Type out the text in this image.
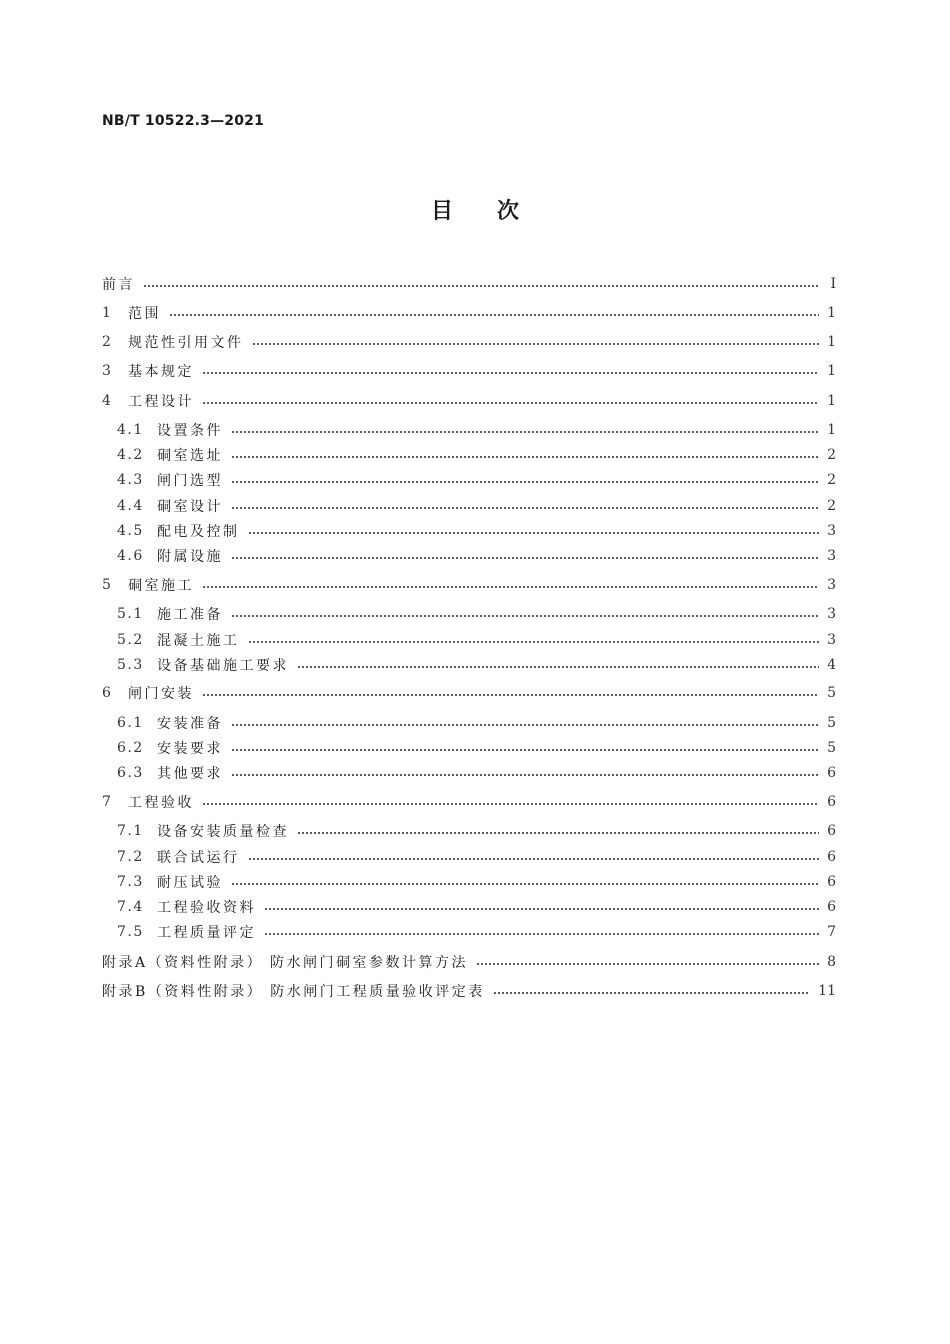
NB/T 10522.3—2021
目次
前言	Ⅰ
1	范围	1
2	规范性引用文件	1
3	基本规定	1
4	工程设计	1
4.1 设置条件	1
4.2 硐室选址	2
4.3 闸门选型	2
4.4 硐室设计	2
4.5 配电及控制	3
4.6 附属设施	3
5	硐室施工	3
5.1 施工准备	3
5.2 混凝土施工	3
5.3 设备基础施工要求	4
6	闸门安装	5
6.1 安装准备	5
6.2 安装要求	5
6.3 其他要求	6
7	工程验收	6
7.1 设备安装质量检查	6
7.2 联合试运行	6
7.3 耐压试验	6
7.4 工程验收资料	6
7.5 工程质量评定	7
附录A（资料性附录） 防水闸门硐室参数计算方法	8
附录B（资料性附录） 防水闸门工程质量验收评定表	11
